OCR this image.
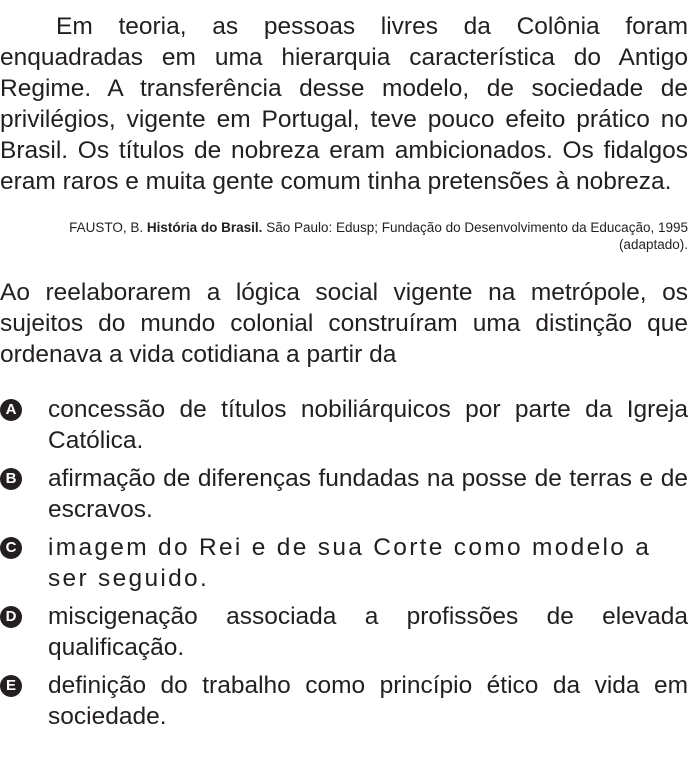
Em teoria, as pessoas livres da Colônia foram enquadradas em uma hierarquia característica do Antigo Regime. A transferência desse modelo, de sociedade de privilégios, vigente em Portugal, teve pouco efeito prático no Brasil. Os títulos de nobreza eram ambicionados. Os fidalgos eram raros e muita gente comum tinha pretensões à nobreza.

FAUSTO, B. História do Brasil. São Paulo: Edusp; Fundação do Desenvolvimento da Educação, 1995 (adaptado).

Ao reelaborarem a lógica social vigente na metrópole, os sujeitos do mundo colonial construíram uma distinção que ordenava a vida cotidiana a partir da

A concessão de títulos nobiliárquicos por parte da Igreja Católica.
B afirmação de diferenças fundadas na posse de terras e de escravos.
C imagem do Rei e de sua Corte como modelo a ser seguido.
D miscigenação associada a profissões de elevada qualificação.
E definição do trabalho como princípio ético da vida em sociedade.
